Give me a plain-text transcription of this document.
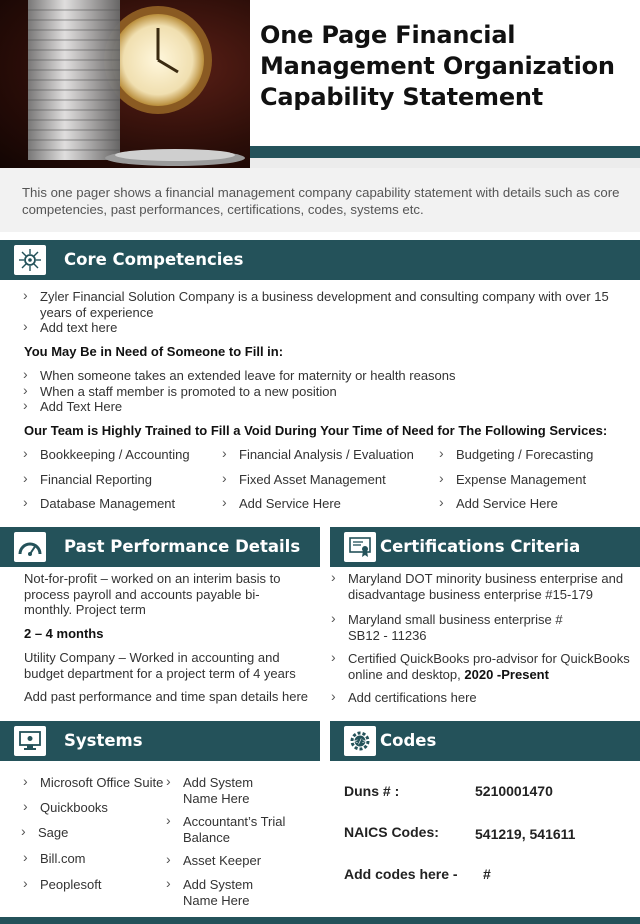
One Page Financial Management Organization Capability Statement

This one pager shows a financial management company capability statement with details such as core competencies, past performances, certifications, codes, systems etc.

Core Competencies
› Zyler Financial Solution Company is a business development and consulting company with over 15 years of experience
› Add text here
You May Be in Need of Someone to Fill in:
› When someone takes an extended leave for maternity or health reasons
› When a staff member is promoted to a new position
› Add Text Here
Our Team is Highly Trained to Fill a Void During Your Time of Need for The Following Services:
› Bookkeeping / Accounting	› Financial Analysis / Evaluation	› Budgeting / Forecasting
› Financial Reporting	› Fixed Asset Management	› Expense Management
› Database Management	› Add Service Here	› Add Service Here
Past Performance Details
Not-for-profit – worked on an interim basis to process payroll and accounts payable bi-monthly. Project term
2 – 4 months
Utility Company – Worked in accounting and budget department for a project term of 4 years
Add past performance and time span details here
Certifications Criteria
› Maryland DOT minority business enterprise and disadvantage business enterprise #15-179
› Maryland small business enterprise # SB12 - 11236
› Certified QuickBooks pro-advisor for QuickBooks online and desktop, 2020 -Present
› Add certifications here
Systems
› Microsoft Office Suite
› Quickbooks
› Sage
› Bill.com
› Peoplesoft
› Add System Name Here
› Accountant’s Trial Balance
› Asset Keeper
› Add System Name Here
</> Codes
Duns # :	5210001470
NAICS Codes:	541219, 541611
Add codes here - #
